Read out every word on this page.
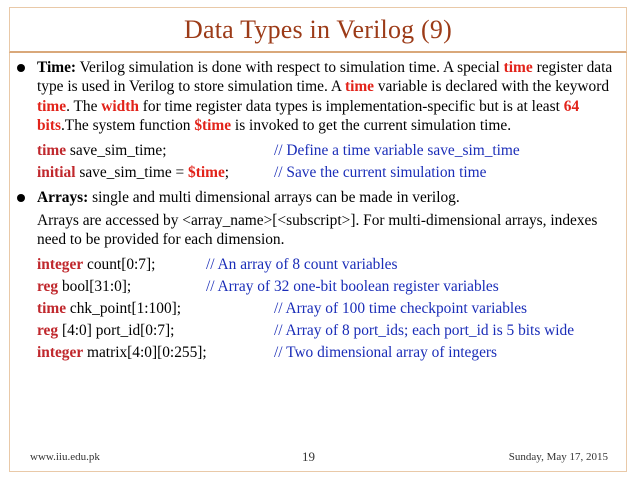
Data Types in Verilog (9)
Time: Verilog simulation is done with respect to simulation time. A special time register data type is used in Verilog to store simulation time. A time variable is declared with the keyword time. The width for time register data types is implementation-specific but is at least 64 bits.The system function $time is invoked to get the current simulation time.
time save_sim_time;	// Define a time variable save_sim_time
initial save_sim_time = $time;	// Save the current simulation time
Arrays: single and multi dimensional arrays can be made in verilog.
Arrays are accessed by <array_name>[<subscript>]. For multi-dimensional arrays, indexes need to be provided for each dimension.
integer count[0:7];	// An array of 8 count variables
reg bool[31:0];	// Array of 32 one-bit boolean register variables
time chk_point[1:100];	// Array of 100 time checkpoint variables
reg [4:0] port_id[0:7];	// Array of 8 port_ids; each port_id is 5 bits wide
integer matrix[4:0][0:255];	// Two dimensional array of integers
www.iiu.edu.pk	19	Sunday, May 17, 2015
